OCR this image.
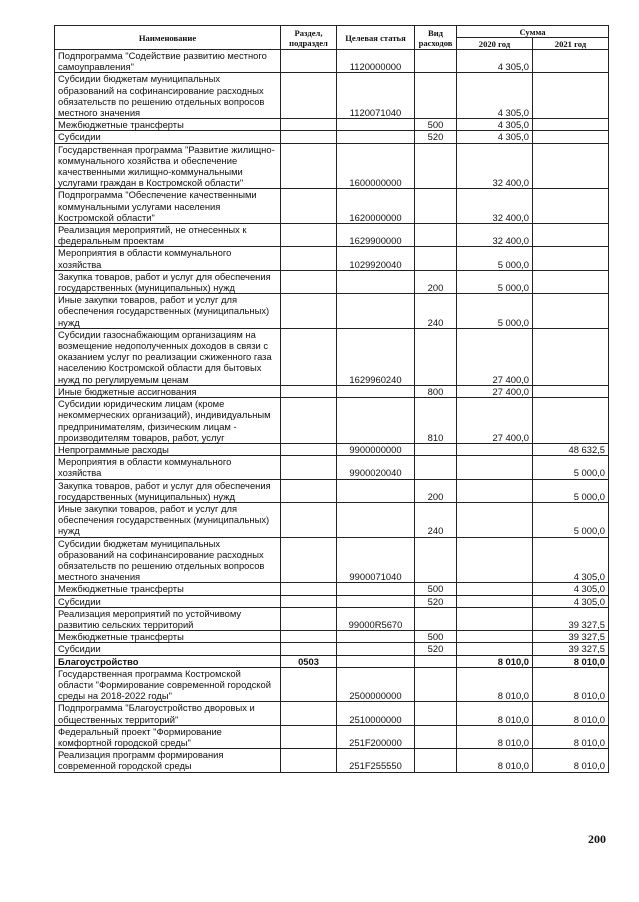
Наименование	Раздел, подраздел	Целевая статья	Вид расходов	Сумма	
				2020 год	2021 год
Подпрограмма "Содействие развитию местного самоуправления"		1120000000		4 305,0	
Субсидии бюджетам муниципальных образований на софинансирование расходных обязательств по решению отдельных вопросов местного значения		1120071040		4 305,0	
Межбюджетные трансферты			500	4 305,0	
Субсидии			520	4 305,0	
Государственная программа "Развитие жилищно-коммунального хозяйства и обеспечение качественными жилищно-коммунальными услугами граждан в Костромской области"		1600000000		32 400,0	
Подпрограмма "Обеспечение качественными коммунальными услугами населения Костромской области"		1620000000		32 400,0	
Реализация мероприятий, не отнесенных к федеральным проектам		1629900000		32 400,0	
Мероприятия в области коммунального хозяйства		1029920040		5 000,0	
Закупка товаров, работ и услуг для обеспечения государственных (муниципальных) нужд			200	5 000,0	
Иные закупки товаров, работ и услуг для обеспечения государственных (муниципальных) нужд			240	5 000,0	
Субсидии газоснабжающим организациям на возмещение недополученных доходов в связи с оказанием услуг по реализации сжиженного газа населению Костромской области для бытовых нужд по регулируемым ценам		1629960240		27 400,0	
Иные бюджетные ассигнования			800	27 400,0	
Субсидии юридическим лицам (кроме некоммерческих организаций), индивидуальным предпринимателям, физическим лицам - производителям товаров, работ, услуг			810	27 400,0	
Непрограммные расходы		9900000000			48 632,5
Мероприятия в области коммунального хозяйства		9900020040			5 000,0
Закупка товаров, работ и услуг для обеспечения государственных (муниципальных) нужд			200		5 000,0
Иные закупки товаров, работ и услуг для обеспечения государственных (муниципальных) нужд			240		5 000,0
Субсидии бюджетам муниципальных образований на софинансирование расходных обязательств по решению отдельных вопросов местного значения		9900071040			4 305,0
Межбюджетные трансферты			500		4 305,0
Субсидии			520		4 305,0
Реализация мероприятий по устойчивому развитию сельских территорий		99000R5670			39 327,5
Межбюджетные трансферты			500		39 327,5
Субсидии			520		39 327,5
Благоустройство	0503			8 010,0	8 010,0
Государственная программа Костромской области "Формирование современной городской среды на 2018-2022 годы"		2500000000		8 010,0	8 010,0
Подпрограмма "Благоустройство дворовых и общественных территорий"		2510000000		8 010,0	8 010,0
Федеральный проект "Формирование комфортной городской среды"		251F200000		8 010,0	8 010,0
Реализация программ формирования современной городской среды		251F255550		8 010,0	8 010,0
200
